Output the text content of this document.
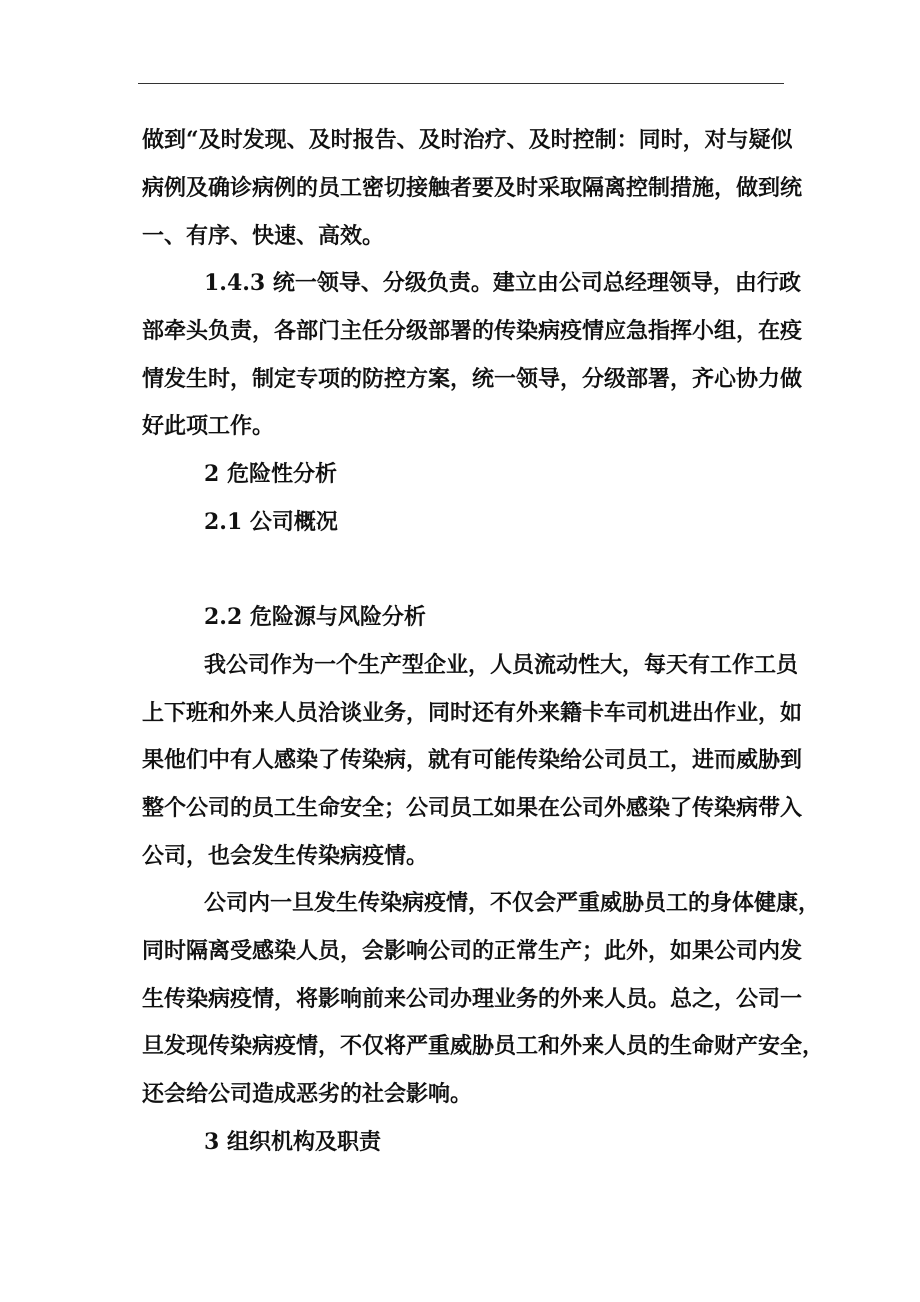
做到“及时发现、及时报告、及时治疗、及时控制：同时，对与疑似
病例及确诊病例的员工密切接触者要及时采取隔离控制措施，做到统
一、有序、快速、高效。
1.4.3 统一领导、分级负责。建立由公司总经理领导，由行政
部牵头负责，各部门主任分级部署的传染病疫情应急指挥小组，在疫
情发生时，制定专项的防控方案，统一领导，分级部署，齐心协力做
好此项工作。
2 危险性分析
2.1 公司概况
2.2 危险源与风险分析
我公司作为一个生产型企业，人员流动性大，每天有工作工员
上下班和外来人员洽谈业务，同时还有外来籍卡车司机进出作业，如
果他们中有人感染了传染病，就有可能传染给公司员工，进而威胁到
整个公司的员工生命安全；公司员工如果在公司外感染了传染病带入
公司，也会发生传染病疫情。
公司内一旦发生传染病疫情，不仅会严重威胁员工的身体健康，
同时隔离受感染人员，会影响公司的正常生产；此外，如果公司内发
生传染病疫情，将影响前来公司办理业务的外来人员。总之，公司一
旦发现传染病疫情，不仅将严重威胁员工和外来人员的生命财产安全，
还会给公司造成恶劣的社会影响。
3 组织机构及职责
